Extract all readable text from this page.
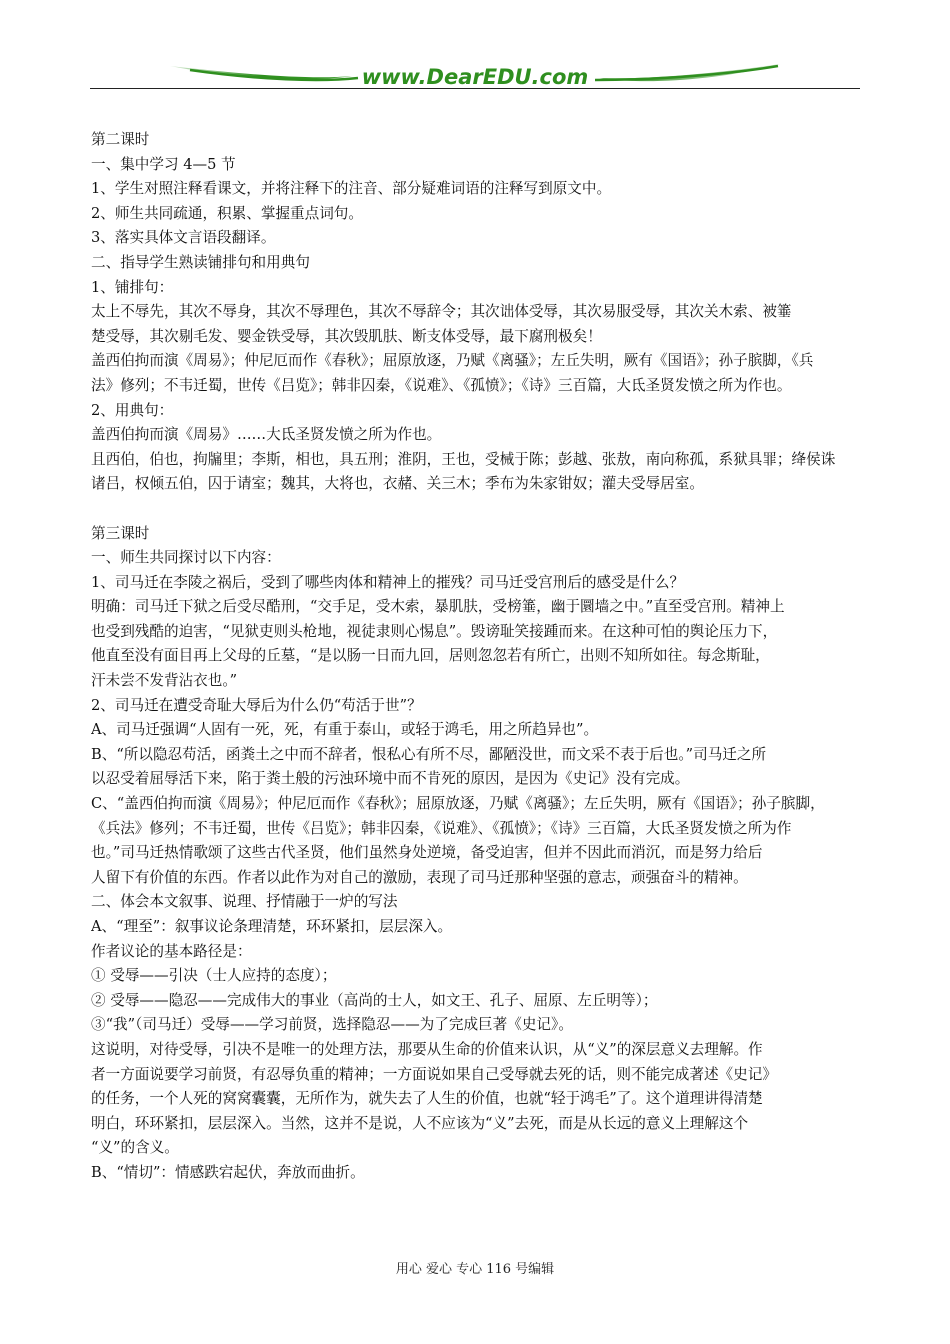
www.DearEDU.com
第二课时
一、集中学习 4—5 节
1、学生对照注释看课文，并将注释下的注音、部分疑难词语的注释写到原文中。
2、师生共同疏通，积累、掌握重点词句。
3、落实具体文言语段翻译。
二、指导学生熟读铺排句和用典句
1、铺排句：
太上不辱先，其次不辱身，其次不辱理色，其次不辱辞令；其次诎体受辱，其次易服受辱，其次关木索、被箠
楚受辱，其次剔毛发、婴金铁受辱，其次毁肌肤、断支体受辱，最下腐刑极矣！
盖西伯拘而演《周易》；仲尼厄而作《春秋》；屈原放逐，乃赋《离骚》；左丘失明，厥有《国语》；孙子膑脚，《兵
法》修列；不韦迁蜀，世传《吕览》；韩非囚秦，《说难》、《孤愤》；《诗》三百篇，大氐圣贤发愤之所为作也。
2、用典句：
盖西伯拘而演《周易》……大氐圣贤发愤之所为作也。
且西伯，伯也，拘牖里；李斯，相也，具五刑；淮阴，王也，受械于陈；彭越、张敖，南向称孤，系狱具罪；绛侯诛
诸吕，权倾五伯，囚于请室；魏其，大将也，衣赭、关三木；季布为朱家钳奴；灌夫受辱居室。
第三课时
一、师生共同探讨以下内容：
1、司马迁在李陵之祸后，受到了哪些肉体和精神上的摧残？司马迁受宫刑后的感受是什么？
明确：司马迁下狱之后受尽酷刑，“交手足，受木索，暴肌肤，受榜箠，幽于圜墙之中。”直至受宫刑。精神上
也受到残酷的迫害，“见狱吏则头枪地，视徒隶则心惕息”。毁谤耻笑接踵而来。在这种可怕的舆论压力下，
他直至没有面目再上父母的丘墓，“是以肠一日而九回，居则忽忽若有所亡，出则不知所如往。每念斯耻，
汗未尝不发背沾衣也。”
2、司马迁在遭受奇耻大辱后为什么仍“苟活于世”？
A、司马迁强调“人固有一死，死，有重于泰山，或轻于鸿毛，用之所趋异也”。
B、“所以隐忍苟活，函粪土之中而不辞者，恨私心有所不尽，鄙陋没世，而文采不表于后也。”司马迁之所
以忍受着屈辱活下来，陷于粪土般的污浊环境中而不肯死的原因，是因为《史记》没有完成。
C、“盖西伯拘而演《周易》；仲尼厄而作《春秋》；屈原放逐，乃赋《离骚》；左丘失明，厥有《国语》；孙子膑脚，
《兵法》修列；不韦迁蜀，世传《吕览》；韩非囚秦，《说难》、《孤愤》；《诗》三百篇，大氐圣贤发愤之所为作
也。”司马迁热情歌颂了这些古代圣贤，他们虽然身处逆境，备受迫害，但并不因此而消沉，而是努力给后
人留下有价值的东西。作者以此作为对自己的激励，表现了司马迁那种坚强的意志，顽强奋斗的精神。
二、体会本文叙事、说理、抒情融于一炉的写法
A、“理至”：叙事议论条理清楚，环环紧扣，层层深入。
作者议论的基本路径是：
① 受辱——引决（士人应持的态度）；
② 受辱——隐忍——完成伟大的事业（高尚的士人，如文王、孔子、屈原、左丘明等）；
③“我”（司马迁）受辱——学习前贤，选择隐忍——为了完成巨著《史记》。
这说明，对待受辱，引决不是唯一的处理方法，那要从生命的价值来认识，从“义”的深层意义去理解。作
者一方面说要学习前贤，有忍辱负重的精神；一方面说如果自己受辱就去死的话，则不能完成著述《史记》
的任务，一个人死的窝窝囊囊，无所作为，就失去了人生的价值，也就“轻于鸿毛”了。这个道理讲得清楚
明白，环环紧扣，层层深入。当然，这并不是说，人不应该为“义”去死，而是从长远的意义上理解这个
“义”的含义。
B、“情切”：情感跌宕起伏，奔放而曲折。
用心 爱心 专心 116 号编辑
